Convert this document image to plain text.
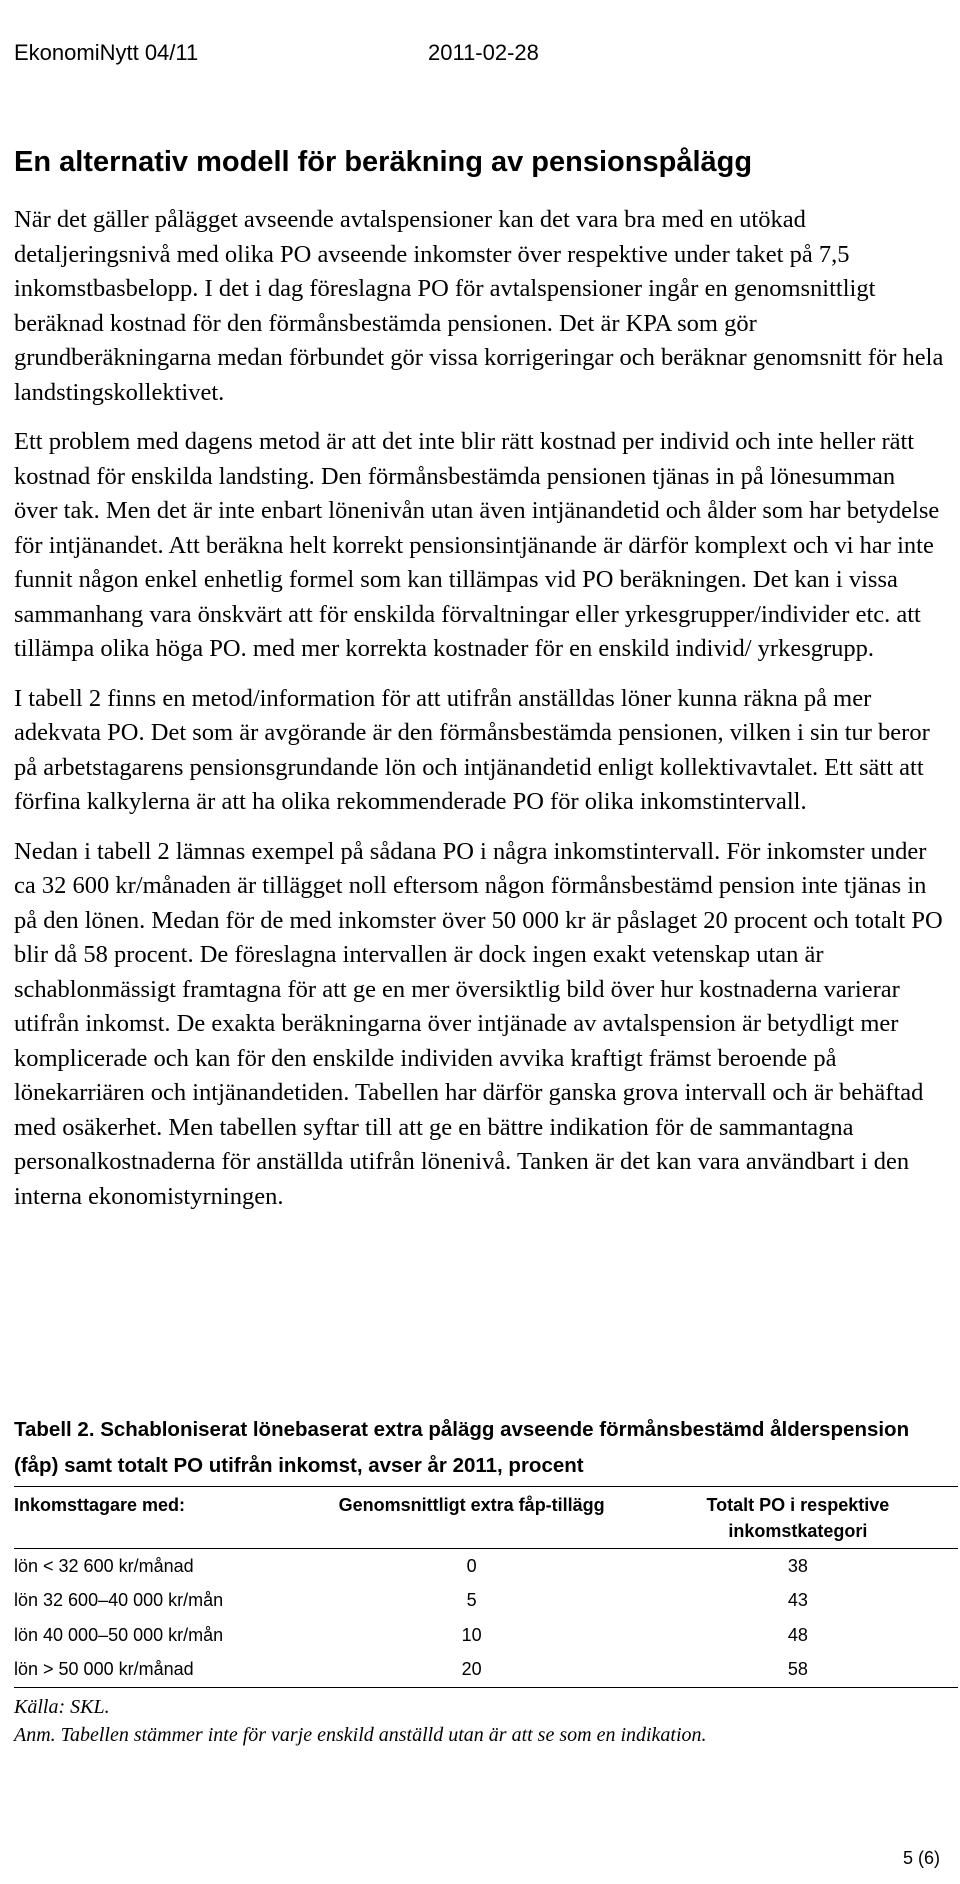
EkonomiNytt 04/11	2011-02-28
En alternativ modell för beräkning av pensionspålägg

När det gäller pålägget avseende avtalspensioner kan det vara bra med en utökad detaljeringsnivå med olika PO avseende inkomster över respektive under taket på 7,5 inkomstbasbelopp. I det i dag föreslagna PO för avtalspensioner ingår en genomsnittligt beräknad kostnad för den förmånsbestämda pensionen. Det är KPA som gör grundberäkningarna medan förbundet gör vissa korrigeringar och beräknar genomsnitt för hela landstingskollektivet.

Ett problem med dagens metod är att det inte blir rätt kostnad per individ och inte heller rätt kostnad för enskilda landsting. Den förmånsbestämda pensionen tjänas in på lönesumman över tak. Men det är inte enbart lönenivån utan även intjänandetid och ålder som har betydelse för intjänandet. Att beräkna helt korrekt pensionsintjänande är därför komplext och vi har inte funnit någon enkel enhetlig formel som kan tillämpas vid PO beräkningen. Det kan i vissa sammanhang vara önskvärt att för enskilda förvaltningar eller yrkesgrupper/individer etc. att tillämpa olika höga PO. med mer korrekta kostnader för en enskild individ/ yrkesgrupp.

I tabell 2 finns en metod/information för att utifrån anställdas löner kunna räkna på mer adekvata PO. Det som är avgörande är den förmånsbestämda pensionen, vilken i sin tur beror på arbetstagarens pensionsgrundande lön och intjänandetid enligt kollektivavtalet. Ett sätt att förfina kalkylerna är att ha olika rekommenderade PO för olika inkomstintervall.

Nedan i tabell 2 lämnas exempel på sådana PO i några inkomstintervall. För inkomster under ca 32 600 kr/månaden är tillägget noll eftersom någon förmånsbestämd pension inte tjänas in på den lönen. Medan för de med inkomster över 50 000 kr är påslaget 20 procent och totalt PO blir då 58 procent. De föreslagna intervallen är dock ingen exakt vetenskap utan är schablonmässigt framtagna för att ge en mer översiktlig bild över hur kostnaderna varierar utifrån inkomst. De exakta beräkningarna över intjänade av avtalspension är betydligt mer komplicerade och kan för den enskilde individen avvika kraftigt främst beroende på lönekarriären och intjänandetiden. Tabellen har därför ganska grova intervall och är behäftad med osäkerhet. Men tabellen syftar till att ge en bättre indikation för de sammantagna personalkostnaderna för anställda utifrån lönenivå. Tanken är det kan vara användbart i den interna ekonomistyrningen.

Tabell 2. Schabloniserat lönebaserat extra pålägg avseende förmånsbestämd ålderspension (fåp) samt totalt PO utifrån inkomst, avser år 2011, procent

Inkomsttagare med:	Genomsnittligt extra fåp-tillägg	Totalt PO i respektive inkomstkategori
lön < 32 600 kr/månad	0	38
lön 32 600–40 000 kr/mån	5	43
lön 40 000–50 000 kr/mån	10	48
lön > 50 000 kr/månad	20	58
Källa: SKL.
Anm. Tabellen stämmer inte för varje enskild anställd utan är att se som en indikation.
5 (6)
